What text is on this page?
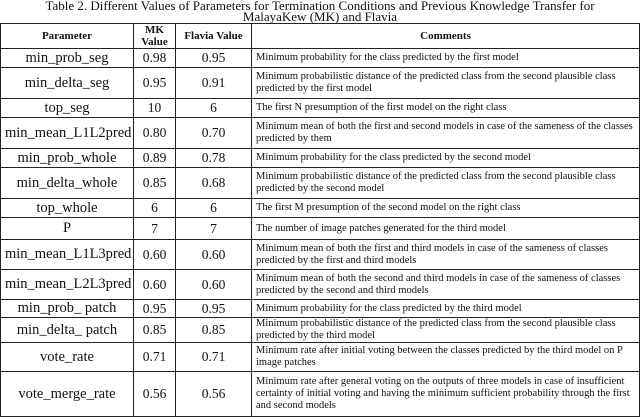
Table 2. Different Values of Parameters for Termination Conditions and Previous Knowledge Transfer for
MalayaKew (MK) and Flavia
Parameter	MK Value	Flavia Value	Comments
min_prob_seg	0.98	0.95	Minimum probability for the class predicted by the first model
min_delta_seg	0.95	0.91	Minimum probabilistic distance of the predicted class from the second plausible class predicted by the first model
top_seg	10	6	The first N presumption of the first model on the right class
min_mean_L1L2pred	0.80	0.70	Minimum mean of both the first and second models in case of the sameness of the classes predicted by them
min_prob_whole	0.89	0.78	Minimum probability for the class predicted by the second model
min_delta_whole	0.85	0.68	Minimum probabilistic distance of the predicted class from the second plausible class predicted by the second model
top_whole	6	6	The first M presumption of the second model on the right class
P	7	7	The number of image patches generated for the third model
min_mean_L1L3pred	0.60	0.60	Minimum mean of both the first and third models in case of the sameness of classes predicted by the first and third models
min_mean_L2L3pred	0.60	0.60	Minimum mean of both the second and third models in case of the sameness of classes predicted by the second and third models
min_prob_ patch	0.95	0.95	Minimum probability for the class predicted by the third model
min_delta_ patch	0.85	0.85	Minimum probabilistic distance of the predicted class from the second plausible class predicted by the third model
vote_rate	0.71	0.71	Minimum rate after initial voting between the classes predicted by the third model on P image patches
vote_merge_rate	0.56	0.56	Minimum rate after general voting on the outputs of three models in case of insufficient certainty of initial voting and having the minimum sufficient probability through the first and second models
